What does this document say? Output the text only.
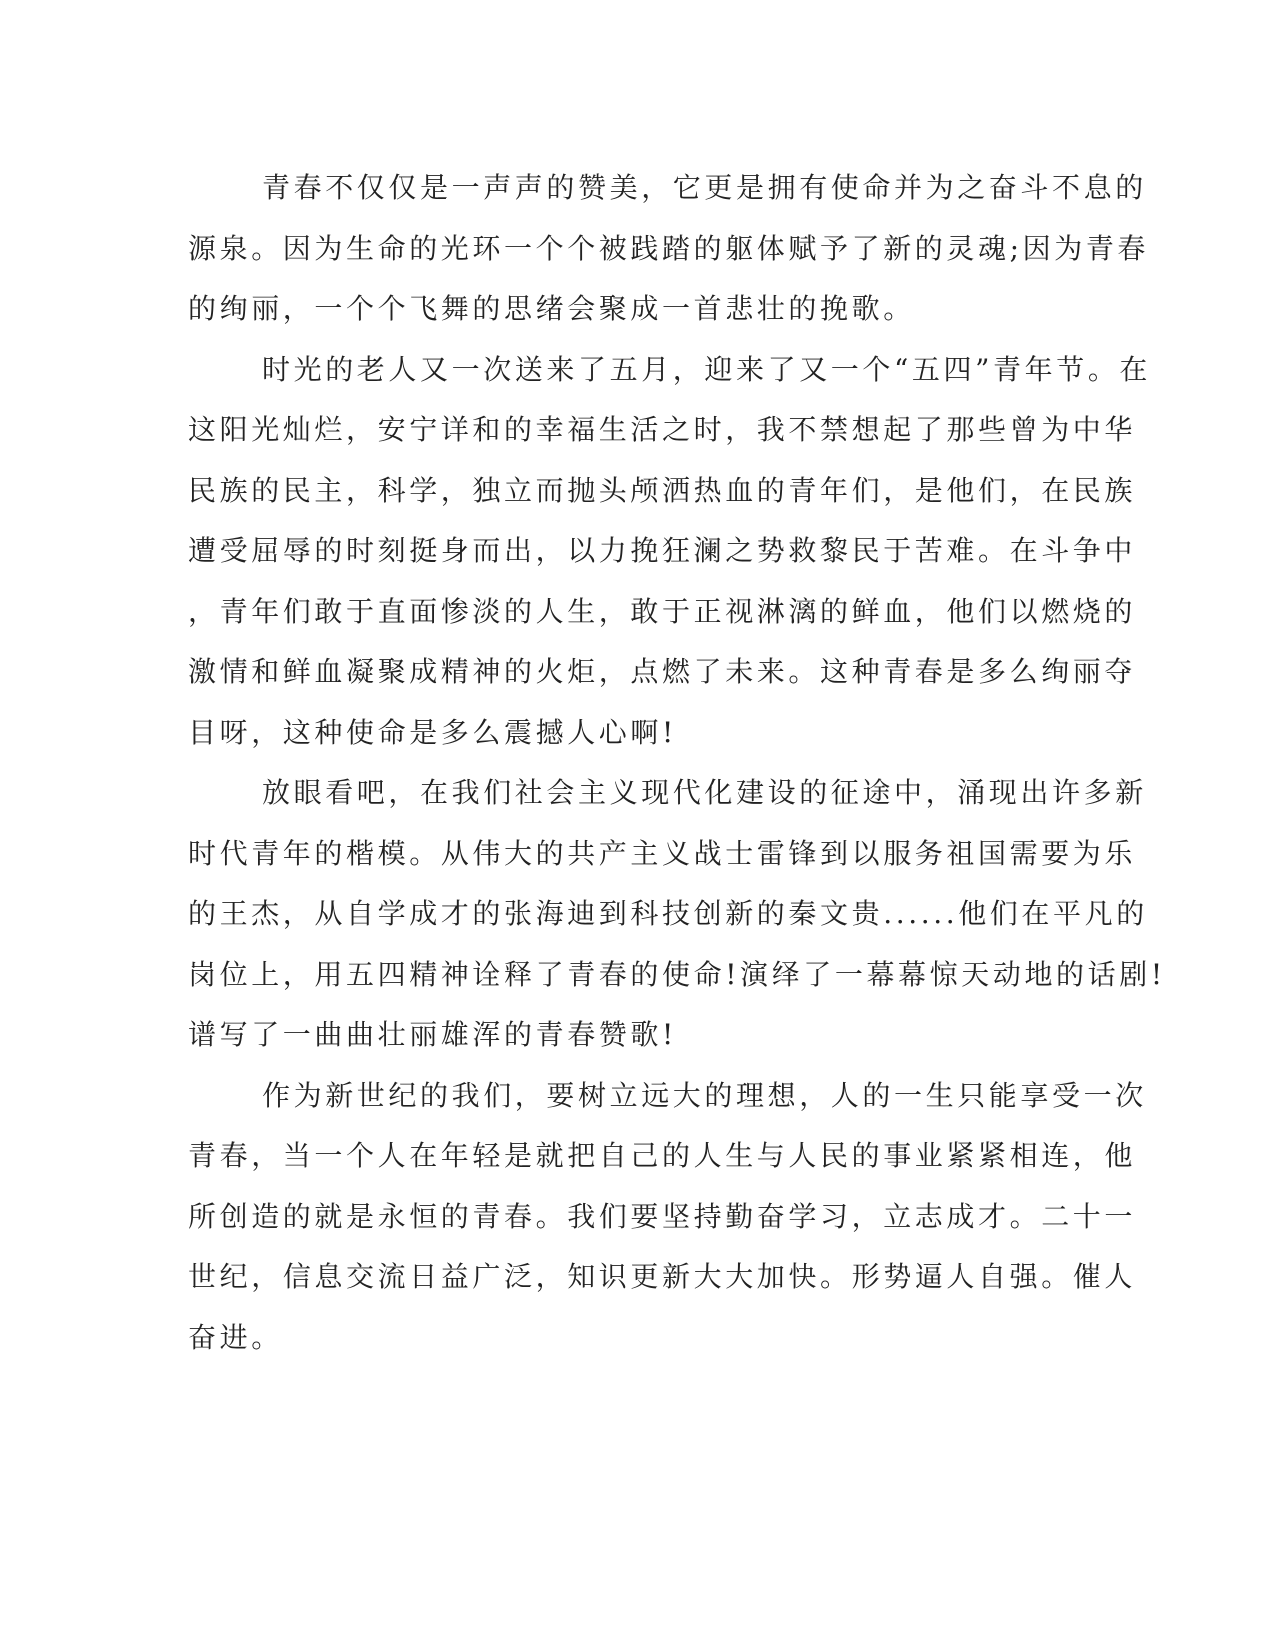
青春不仅仅是一声声的赞美，它更是拥有使命并为之奋斗不息的
源泉。因为生命的光环一个个被践踏的躯体赋予了新的灵魂;因为青春
的绚丽，一个个飞舞的思绪会聚成一首悲壮的挽歌。
时光的老人又一次送来了五月，迎来了又一个“五四”青年节。在
这阳光灿烂，安宁详和的幸福生活之时，我不禁想起了那些曾为中华
民族的民主，科学，独立而抛头颅洒热血的青年们，是他们，在民族
遭受屈辱的时刻挺身而出，以力挽狂澜之势救黎民于苦难。在斗争中
，青年们敢于直面惨淡的人生，敢于正视淋漓的鲜血，他们以燃烧的
激情和鲜血凝聚成精神的火炬，点燃了未来。这种青春是多么绚丽夺
目呀，这种使命是多么震撼人心啊!
放眼看吧，在我们社会主义现代化建设的征途中，涌现出许多新
时代青年的楷模。从伟大的共产主义战士雷锋到以服务祖国需要为乐
的王杰，从自学成才的张海迪到科技创新的秦文贵......他们在平凡的
岗位上，用五四精神诠释了青春的使命!演绎了一幕幕惊天动地的话剧!
谱写了一曲曲壮丽雄浑的青春赞歌!
作为新世纪的我们，要树立远大的理想，人的一生只能享受一次
青春，当一个人在年轻是就把自己的人生与人民的事业紧紧相连，他
所创造的就是永恒的青春。我们要坚持勤奋学习，立志成才。二十一
世纪，信息交流日益广泛，知识更新大大加快。形势逼人自强。催人
奋进。
